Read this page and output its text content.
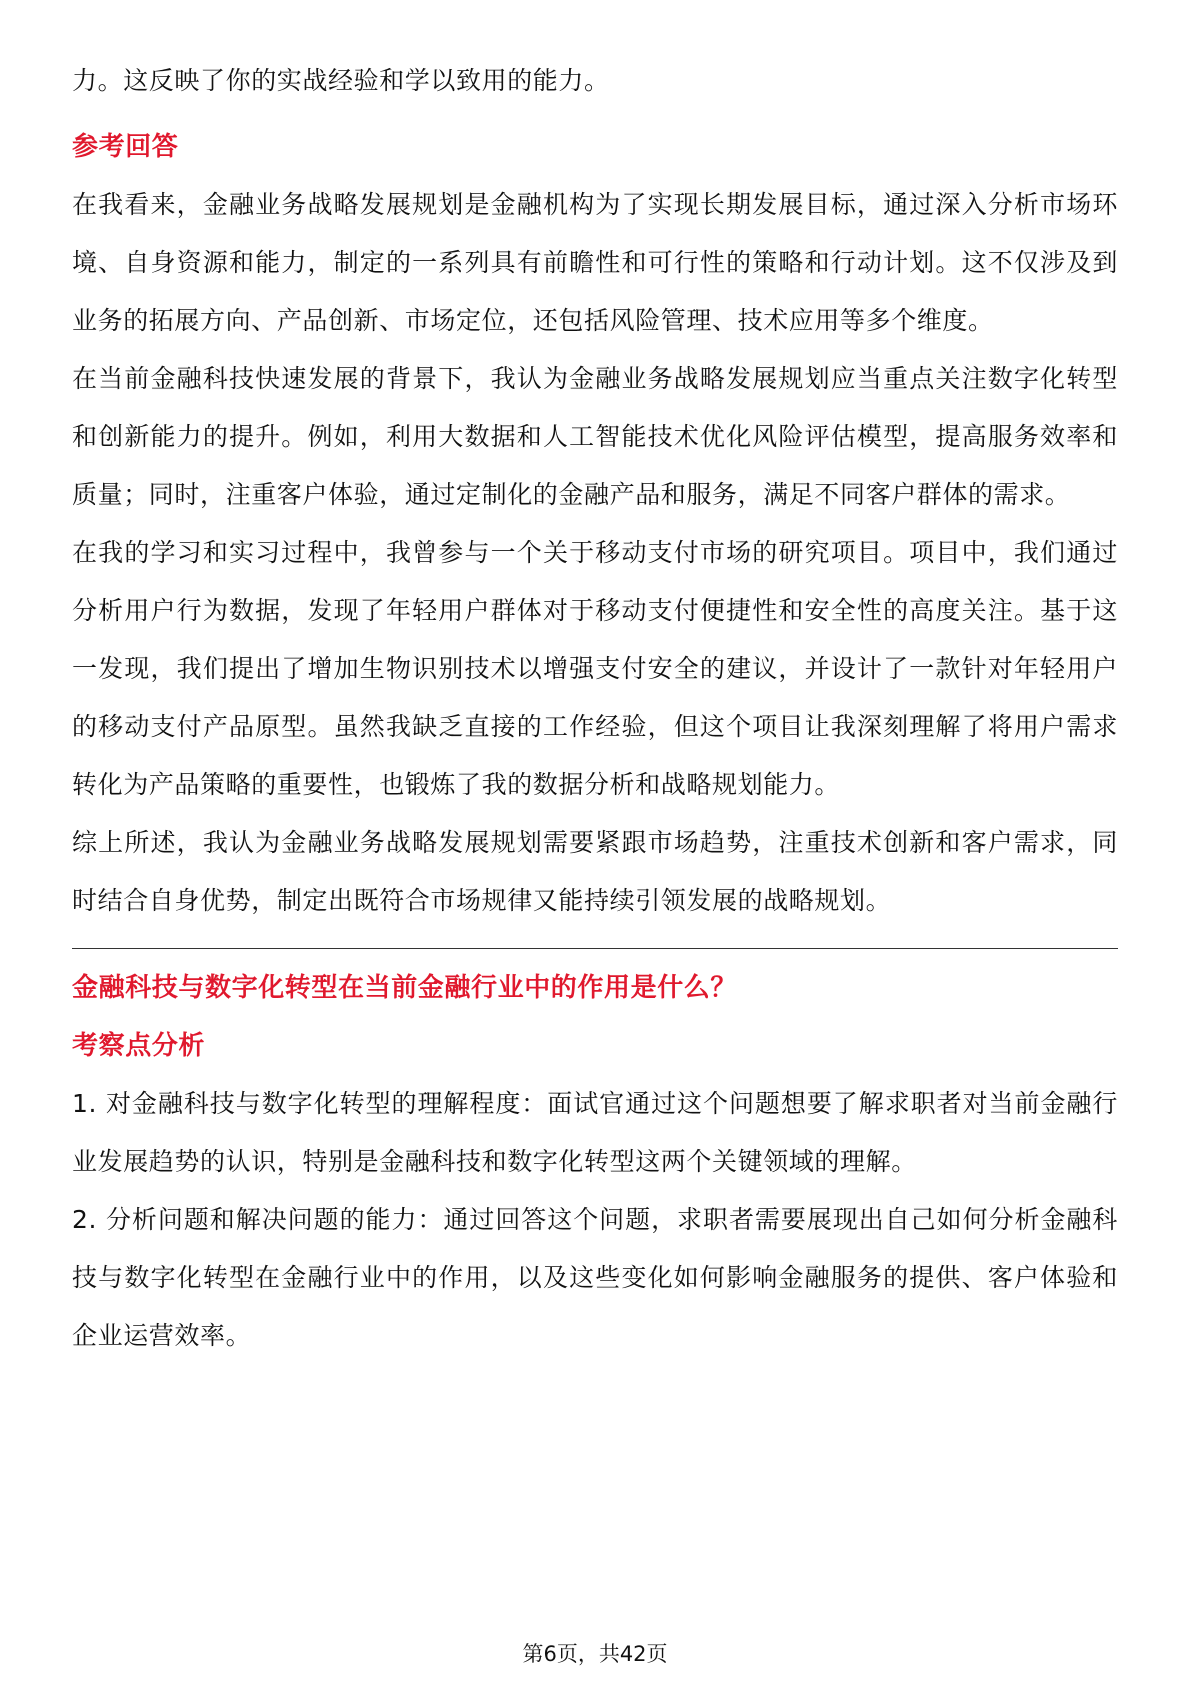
力。这反映了你的实战经验和学以致用的能力。

参考回答

在我看来，金融业务战略发展规划是金融机构为了实现长期发展目标，通过深入分析市场环境、自身资源和能力，制定的一系列具有前瞻性和可行性的策略和行动计划。这不仅涉及到业务的拓展方向、产品创新、市场定位，还包括风险管理、技术应用等多个维度。

在当前金融科技快速发展的背景下，我认为金融业务战略发展规划应当重点关注数字化转型和创新能力的提升。例如，利用大数据和人工智能技术优化风险评估模型，提高服务效率和质量；同时，注重客户体验，通过定制化的金融产品和服务，满足不同客户群体的需求。

在我的学习和实习过程中，我曾参与一个关于移动支付市场的研究项目。项目中，我们通过分析用户行为数据，发现了年轻用户群体对于移动支付便捷性和安全性的高度关注。基于这一发现，我们提出了增加生物识别技术以增强支付安全的建议，并设计了一款针对年轻用户的移动支付产品原型。虽然我缺乏直接的工作经验，但这个项目让我深刻理解了将用户需求转化为产品策略的重要性，也锻炼了我的数据分析和战略规划能力。

综上所述，我认为金融业务战略发展规划需要紧跟市场趋势，注重技术创新和客户需求，同时结合自身优势，制定出既符合市场规律又能持续引领发展的战略规划。

金融科技与数字化转型在当前金融行业中的作用是什么？

考察点分析

1. 对金融科技与数字化转型的理解程度：面试官通过这个问题想要了解求职者对当前金融行业发展趋势的认识，特别是金融科技和数字化转型这两个关键领域的理解。

2. 分析问题和解决问题的能力：通过回答这个问题，求职者需要展现出自己如何分析金融科技与数字化转型在金融行业中的作用，以及这些变化如何影响金融服务的提供、客户体验和企业运营效率。

第6页，共42页
